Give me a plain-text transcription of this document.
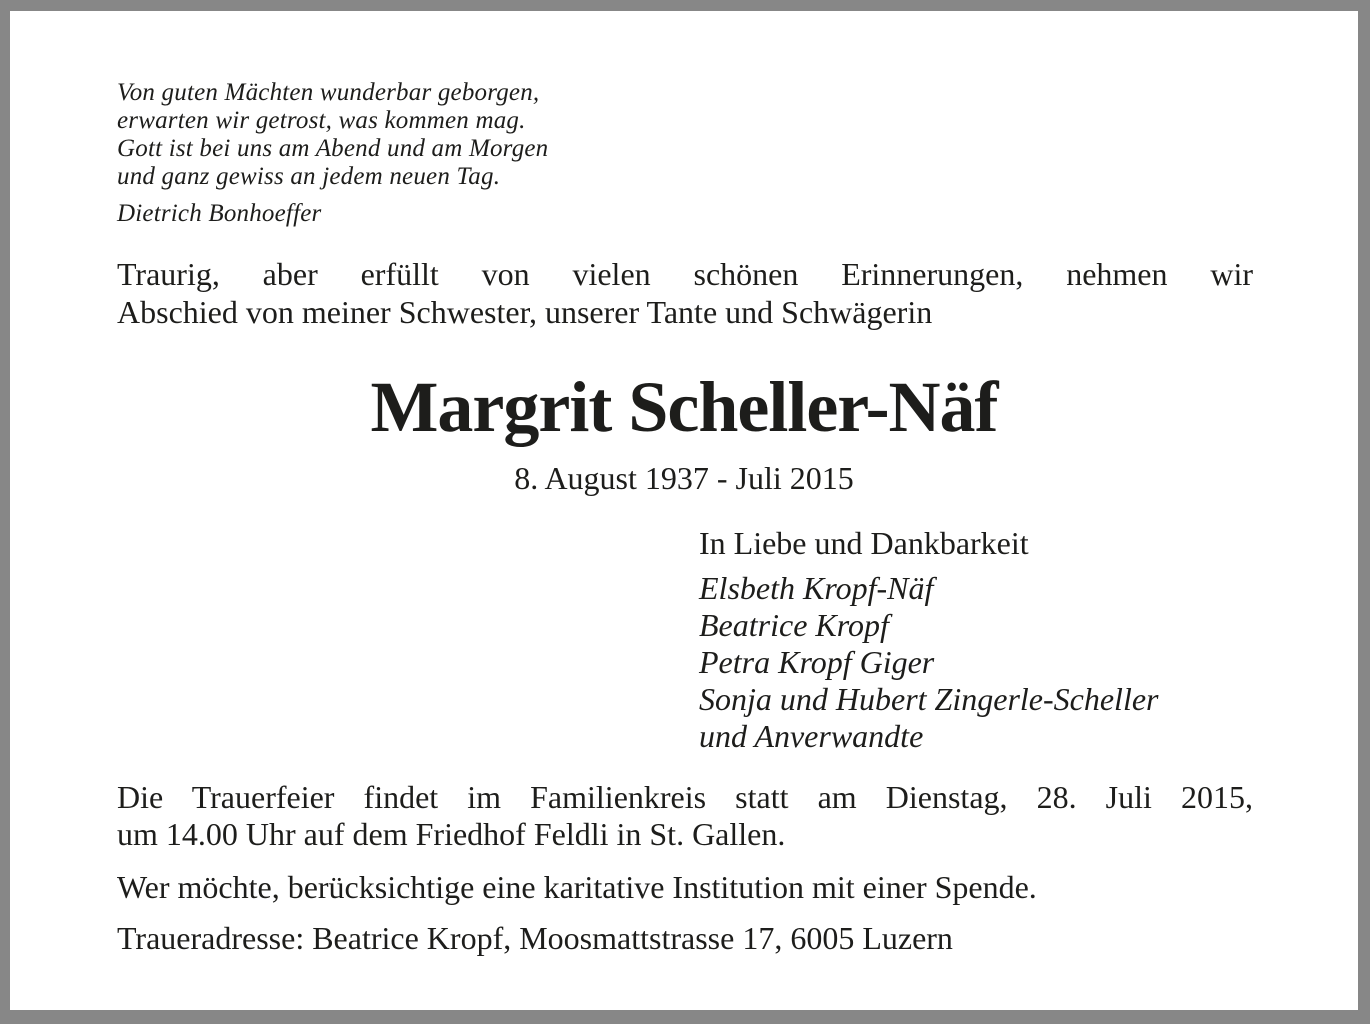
Von guten Mächten wunderbar geborgen,
erwarten wir getrost, was kommen mag.
Gott ist bei uns am Abend und am Morgen
und ganz gewiss an jedem neuen Tag.
Dietrich Bonhoeffer
Traurig, aber erfüllt von vielen schönen Erinnerungen, nehmen wir
Abschied von meiner Schwester, unserer Tante und Schwägerin
Margrit Scheller-Näf
8. August 1937 - Juli 2015
In Liebe und Dankbarkeit
Elsbeth Kropf-Näf
Beatrice Kropf
Petra Kropf Giger
Sonja und Hubert Zingerle-Scheller
und Anverwandte
Die Trauerfeier findet im Familienkreis statt am Dienstag, 28. Juli 2015,
um 14.00 Uhr auf dem Friedhof Feldli in St. Gallen.
Wer möchte, berücksichtige eine karitative Institution mit einer Spende.
Traueradresse: Beatrice Kropf, Moosmattstrasse 17, 6005 Luzern
